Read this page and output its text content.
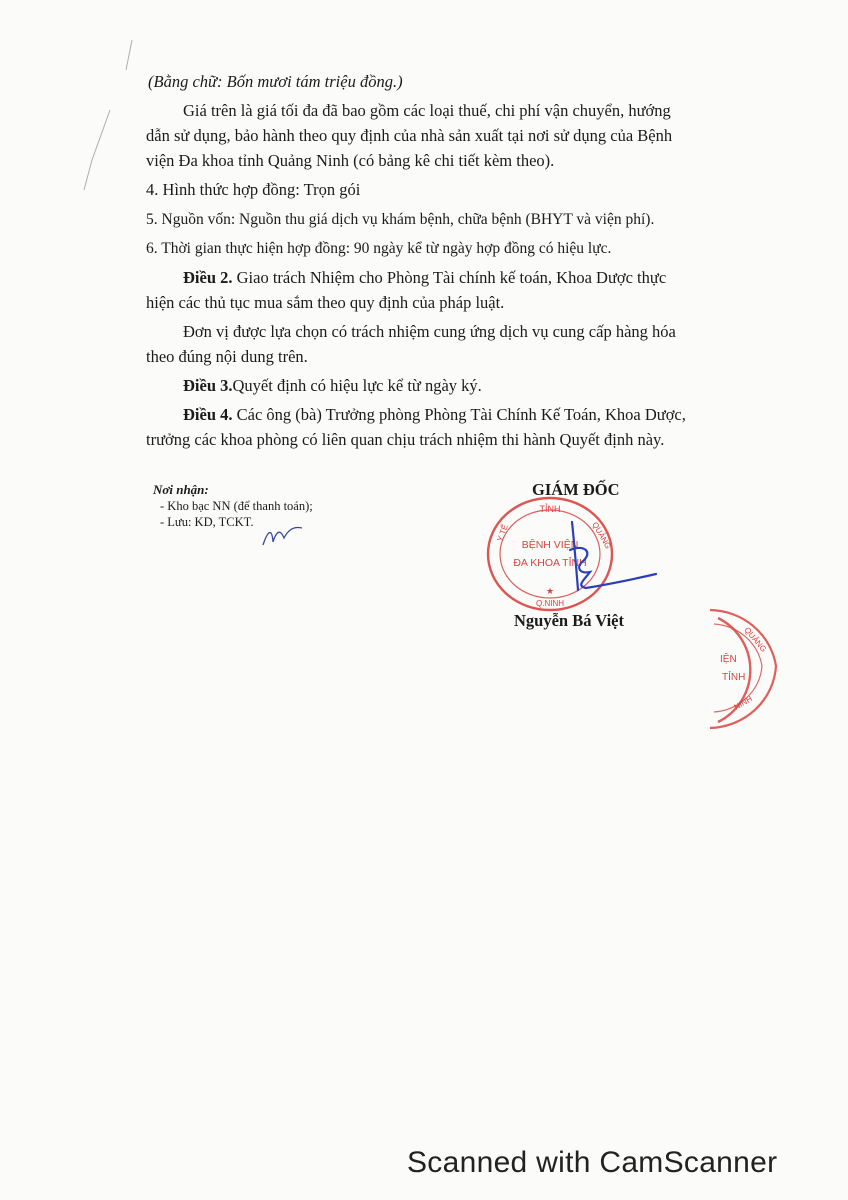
(Bằng chữ: Bốn mươi tám triệu đồng.)
Giá trên là giá tối đa đã bao gồm các loại thuế, chi phí vận chuyển, hướng
dẫn sử dụng, bảo hành theo quy định của nhà sản xuất tại nơi sử dụng của Bệnh
viện Đa khoa tỉnh Quảng Ninh (có bảng kê chi tiết kèm theo).
4. Hình thức hợp đồng: Trọn gói
5. Nguồn vốn: Nguồn thu giá dịch vụ khám bệnh, chữa bệnh (BHYT và viện phí).
6. Thời gian thực hiện hợp đồng: 90 ngày kể từ ngày hợp đồng có hiệu lực.
Điều 2. Giao trách Nhiệm cho Phòng Tài chính kế toán, Khoa Dược thực
hiện các thủ tục mua sắm theo quy định của pháp luật.
Đơn vị được lựa chọn có trách nhiệm cung ứng dịch vụ cung cấp hàng hóa
theo đúng nội dung trên.
Điều 3.Quyết định có hiệu lực kể từ ngày ký.
Điều 4. Các ông (bà) Trưởng phòng Phòng Tài Chính Kế Toán, Khoa Dược,
trưởng các khoa phòng có liên quan chịu trách nhiệm thi hành Quyết định này.
Nơi nhận:
- Kho bạc NN (để thanh toán);
- Lưu: KD, TCKT.
GIÁM ĐỐC
TỈNH
QUẢNG
Y TẾ
Q.NINH
BỆNH VIỆN
ĐA KHOA TỈNH
★
Nguyễn Bá Việt
QUẢNG
IỆN
TỈNH
NINH
Scanned with CamScanner
